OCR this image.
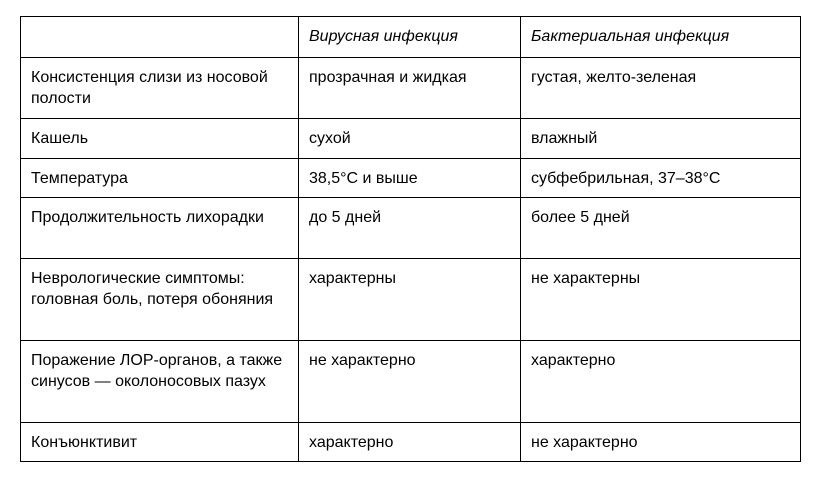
	Вирусная инфекция	Бактериальная инфекция
Консистенция слизи из носовой полости	прозрачная и жидкая	густая, желто-зеленая
Кашель	сухой	влажный
Температура	38,5°C и выше	субфебрильная, 37–38°C
Продолжительность лихорадки	до 5 дней	более 5 дней
Неврологические симптомы: головная боль, потеря обоняния	характерны	не характерны
Поражение ЛОР-органов, а также синусов — околоносовых пазух	не характерно	характерно
Конъюнктивит	характерно	не характерно
